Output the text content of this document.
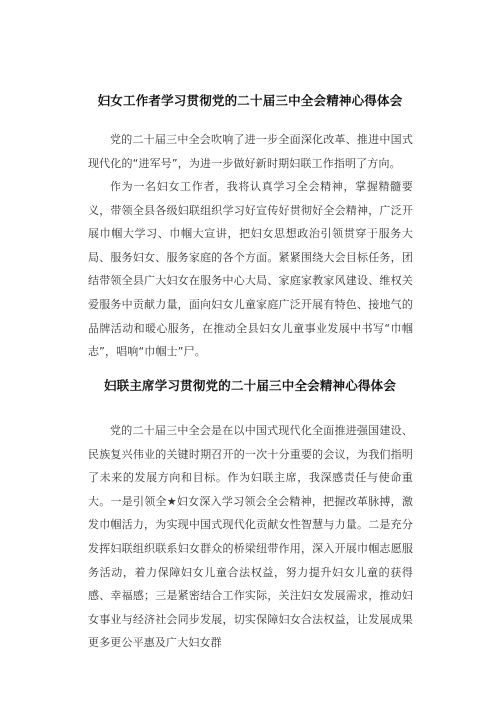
妇女工作者学习贯彻党的二十届三中全会精神心得体会

党的二十届三中全会吹响了进一步全面深化改革、推进中国式现代化的“进军号”，为进一步做好新时期妇联工作指明了方向。

作为一名妇女工作者，我将认真学习全会精神，掌握精髓要义，带领全县各级妇联组织学习好宣传好贯彻好全会精神，广泛开展巾帼大学习、巾帼大宣讲，把妇女思想政治引领贯穿于服务大局、服务妇女、服务家庭的各个方面。紧紧围绕大会目标任务，团结带领全县广大妇女在服务中心大局、家庭家教家风建设、维权关爱服务中贡献力量，面向妇女儿童家庭广泛开展有特色、接地气的品牌活动和暖心服务，在推动全县妇女儿童事业发展中书写“巾帼志”，唱响“巾帼士”尸。

妇联主席学习贯彻党的二十届三中全会精神心得体会

党的二十届三中全会是在以中国式现代化全面推进强国建设、民族复兴伟业的关键时期召开的一次十分重要的会议，为我们指明了未来的发展方向和目标。作为妇联主席，我深感责任与使命重大。一是引领全★妇女深入学习领会全会精神，把握改革脉搏，激发巾帼活力，为实现中国式现代化贡献女性智慧与力量。二是充分发挥妇联组织联系妇女群众的桥梁纽带作用，深入开展巾帼志愿服务活动，着力保障妇女儿童合法权益，努力提升妇女儿童的获得感、幸福感；三是紧密结合工作实际，关注妇女发展需求，推动妇女事业与经济社会同步发展，切实保障妇女合法权益，让发展成果更多更公平惠及广大妇女群
